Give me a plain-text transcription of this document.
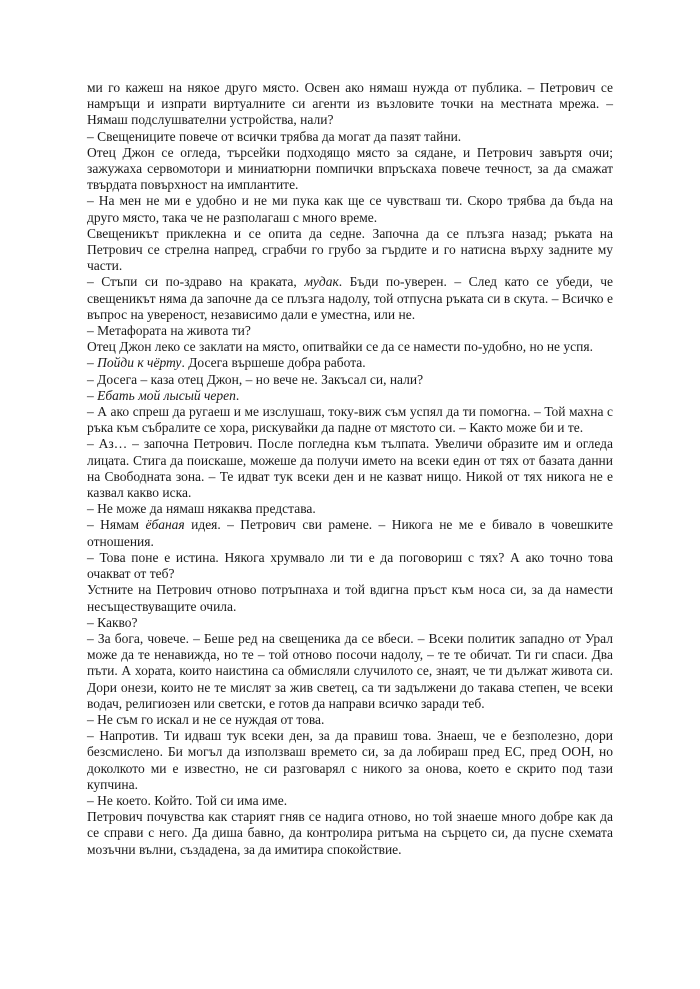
ми го кажеш на някое друго място. Освен ако нямаш нужда от публика. – Петрович се намръщи и изпрати виртуалните си агенти из възловите точки на местната мрежа. – Нямаш подслушвателни устройства, нали?

– Свещениците повече от всички трябва да могат да пазят тайни.

Отец Джон се огледа, търсейки подходящо място за сядане, и Петрович завъртя очи; зажужаха сервомотори и миниатюрни помпички впръскаха повече течност, за да смажат твърдата повърхност на имплантите.

– На мен не ми е удобно и не ми пука как ще се чувстваш ти. Скоро трябва да бъда на друго място, така че не разполагаш с много време.

Свещеникът приклекна и се опита да седне. Започна да се плъзга назад; ръката на Петрович се стрелна напред, сграбчи го грубо за гърдите и го натисна върху задните му части.

– Стъпи си по-здраво на краката, мудак. Бъди по-уверен. – След като се убеди, че свещеникът няма да започне да се плъзга надолу, той отпусна ръката си в скута. – Всичко е въпрос на увереност, независимо дали е уместна, или не.

– Метафората на живота ти?

Отец Джон леко се заклати на място, опитвайки се да се намести по-удобно, но не успя.

– Пойди к чёрту. Досега вършеше добра работа.

– Досега – каза отец Джон, – но вече не. Закъсал си, нали?

– Ебать мой лысый череп.

– А ако спреш да ругаеш и ме изслушаш, току-виж съм успял да ти помогна. – Той махна с ръка към събралите се хора, рискувайки да падне от мястото си. – Както може би и те.

– Аз… – започна Петрович. После погледна към тълпата. Увеличи образите им и огледа лицата. Стига да поискаше, можеше да получи името на всеки един от тях от базата данни на Свободната зона. – Те идват тук всеки ден и не казват нищо. Никой от тях никога не е казвал какво иска.

– Не може да нямаш някаква представа.

– Нямам ёбаная идея. – Петрович сви рамене. – Никога не ме е бивало в човешките отношения.

– Това поне е истина. Някога хрумвало ли ти е да поговориш с тях? А ако точно това очакват от теб?

Устните на Петрович отново потръпнаха и той вдигна пръст към носа си, за да намести несъществуващите очила.

– Какво?

– За бога, човече. – Беше ред на свещеника да се вбеси. – Всеки политик западно от Урал може да те ненавижда, но те – той отново посочи надолу, – те те обичат. Ти ги спаси. Два пъти. А хората, които наистина са обмисляли случилото се, знаят, че ти дължат живота си. Дори онези, които не те мислят за жив светец, са ти задължени до такава степен, че всеки водач, религиозен или светски, е готов да направи всичко заради теб.

– Не съм го искал и не се нуждая от това.

– Напротив. Ти идваш тук всеки ден, за да правиш това. Знаеш, че е безполезно, дори безсмислено. Би могъл да използваш времето си, за да лобираш пред ЕС, пред ООН, но доколкото ми е известно, не си разговарял с никого за онова, което е скрито под тази купчина.

– Не което. Който. Той си има име.

Петрович почувства как старият гняв се надига отново, но той знаеше много добре как да се справи с него. Да диша бавно, да контролира ритъма на сърцето си, да пусне схемата мозъчни вълни, създадена, за да имитира спокойствие.
